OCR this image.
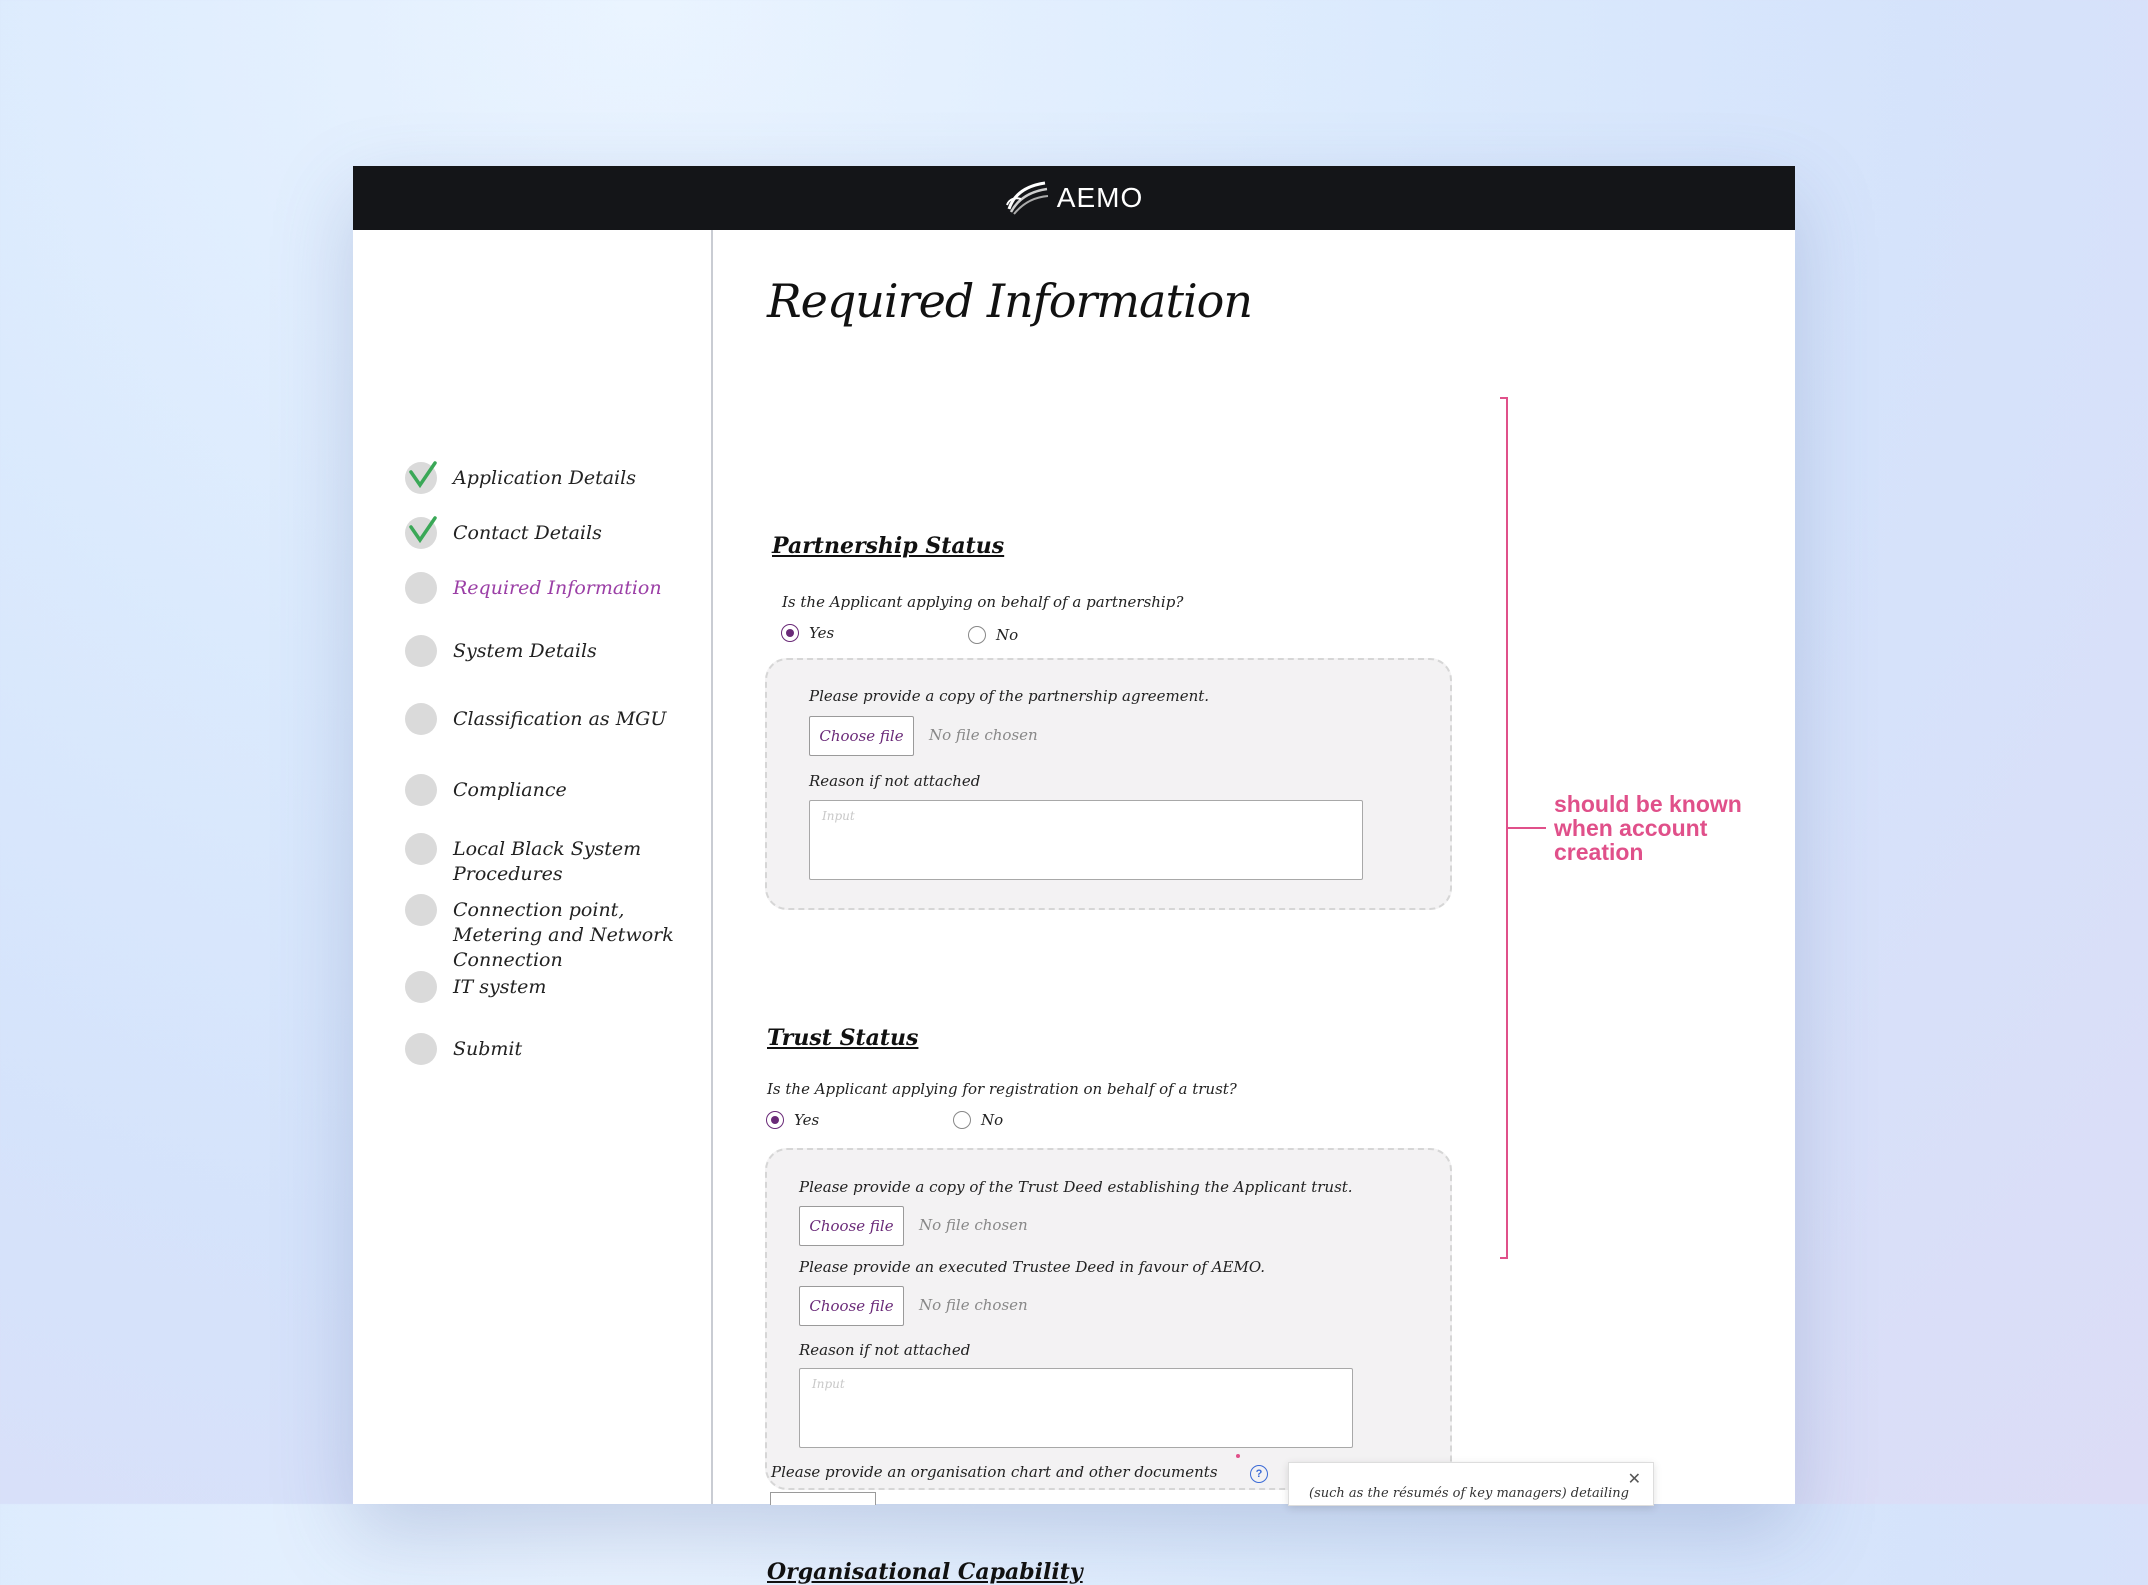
AEMO
Application Details
Contact Details
Required Information
System Details
Classification as MGU
Compliance
Local Black System Procedures
Connection point, Metering and Network Connection
IT system
Submit
Required Information
Partnership Status
Is the Applicant applying on behalf of a partnership?
Yes	No
Please provide a copy of the partnership agreement.
Choose file	No file chosen
Reason if not attached
Input
Trust Status
Is the Applicant applying for registration on behalf of a trust?
Yes	No
Please provide a copy of the Trust Deed establishing the Applicant trust.
Choose file	No file chosen
Please provide an executed Trustee Deed in favour of AEMO.
Choose file	No file chosen
Reason if not attached
Input
Organisational Capability
Please provide an organisation chart and other documents	?
(such as the résumés of key managers) detailing
✕
should be known
when account
creation
